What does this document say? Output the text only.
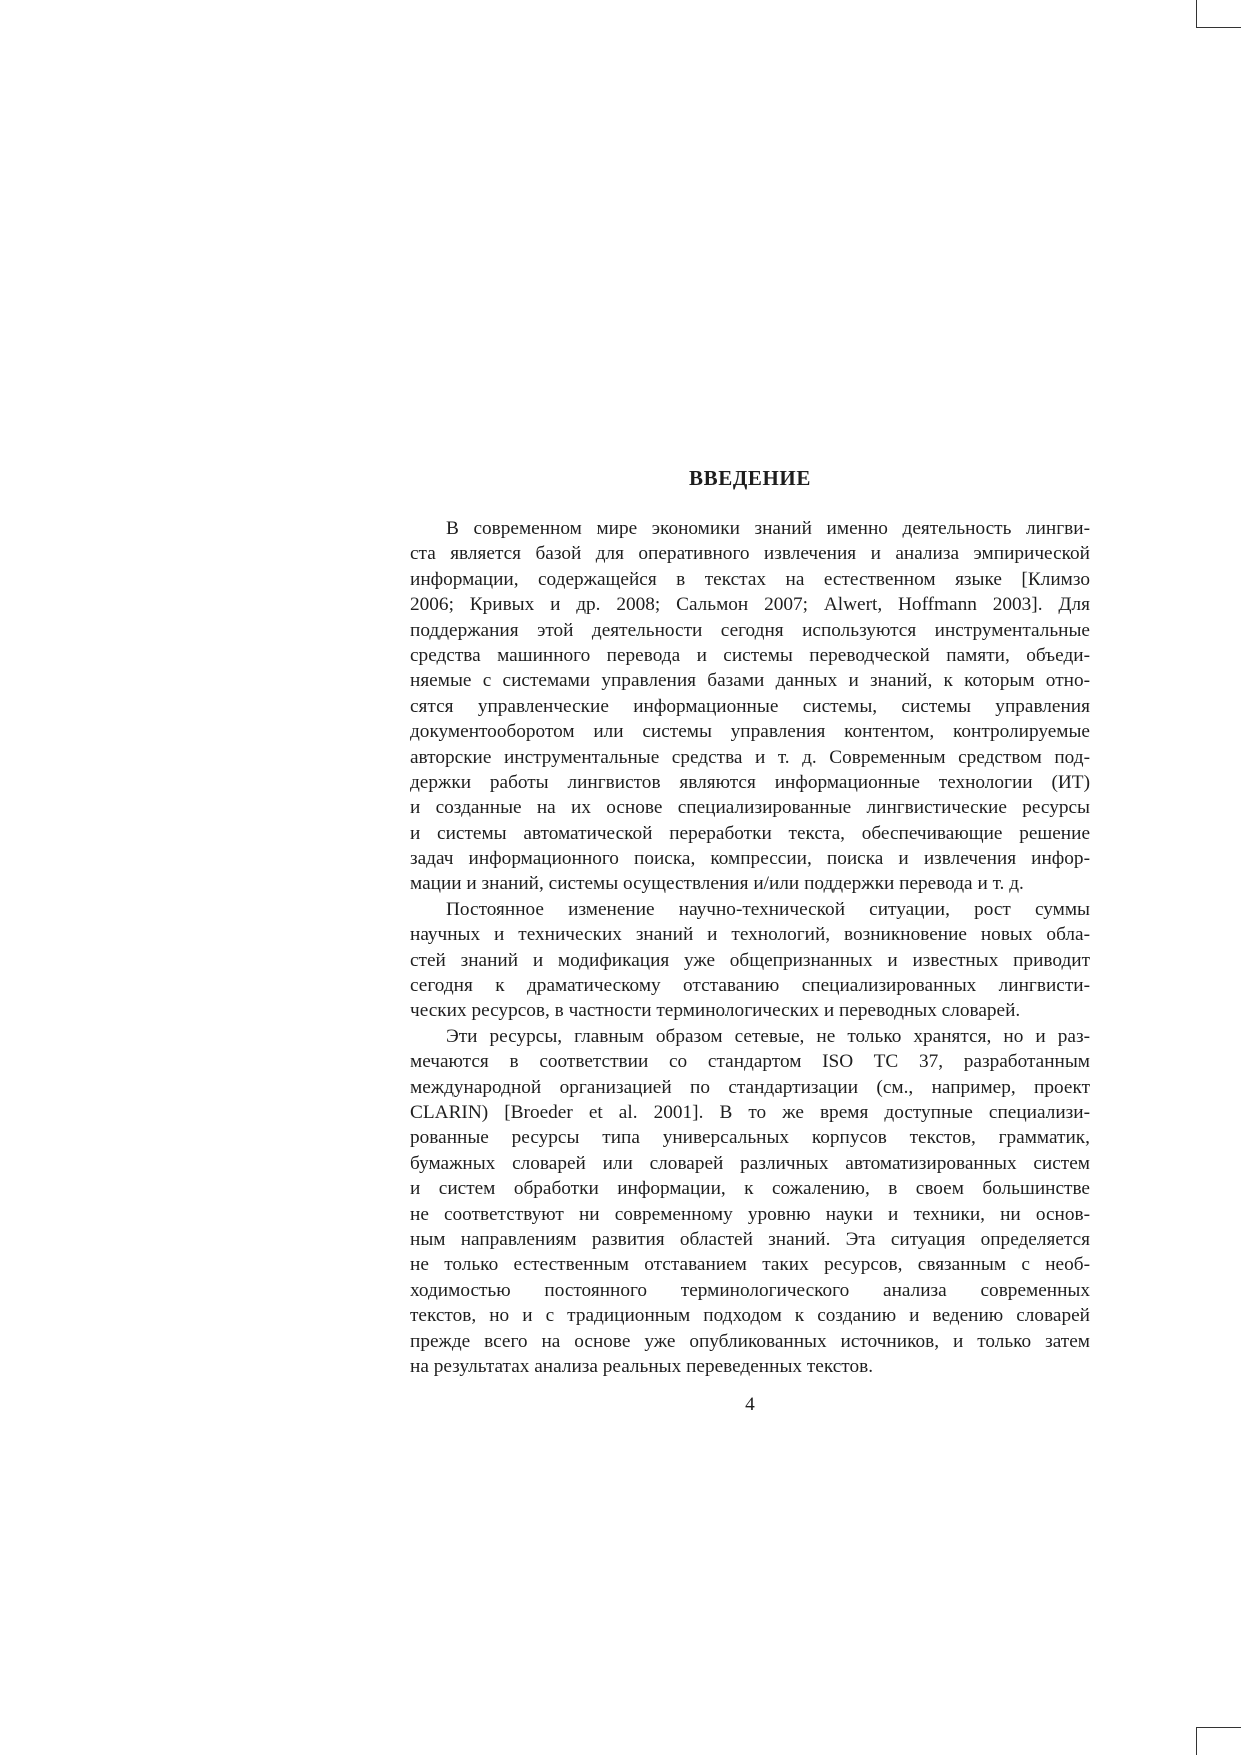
ВВЕДЕНИЕ
В современном мире экономики знаний именно деятельность лингви-
ста является базой для оперативного извлечения и анализа эмпирической
информации, содержащейся в текстах на естественном языке [Климзо
2006; Кривых и др. 2008; Сальмон 2007; Alwert, Hoffmann 2003]. Для
поддержания этой деятельности сегодня используются инструментальные
средства машинного перевода и системы переводческой памяти, объеди-
няемые с системами управления базами данных и знаний, к которым отно-
сятся управленческие информационные системы, системы управления
документооборотом или системы управления контентом, контролируемые
авторские инструментальные средства и т. д. Современным средством под-
держки работы лингвистов являются информационные технологии (ИТ)
и созданные на их основе специализированные лингвистические ресурсы
и системы автоматической переработки текста, обеспечивающие решение
задач информационного поиска, компрессии, поиска и извлечения инфор-
мации и знаний, системы осуществления и/или поддержки перевода и т. д.
Постоянное изменение научно-технической ситуации, рост суммы
научных и технических знаний и технологий, возникновение новых обла-
стей знаний и модификация уже общепризнанных и известных приводит
сегодня к драматическому отставанию специализированных лингвисти-
ческих ресурсов, в частности терминологических и переводных словарей.
Эти ресурсы, главным образом сетевые, не только хранятся, но и раз-
мечаются в соответствии со стандартом ISO TC 37, разработанным
международной организацией по стандартизации (см., например, проект
CLARIN) [Broeder et al. 2001]. В то же время доступные специализи-
рованные ресурсы типа универсальных корпусов текстов, грамматик,
бумажных словарей или словарей различных автоматизированных систем
и систем обработки информации, к сожалению, в своем большинстве
не соответствуют ни современному уровню науки и техники, ни основ-
ным направлениям развития областей знаний. Эта ситуация определяется
не только естественным отставанием таких ресурсов, связанным с необ-
ходимостью постоянного терминологического анализа современных
текстов, но и с традиционным подходом к созданию и ведению словарей
прежде всего на основе уже опубликованных источников, и только затем
на результатах анализа реальных переведенных текстов.
4
